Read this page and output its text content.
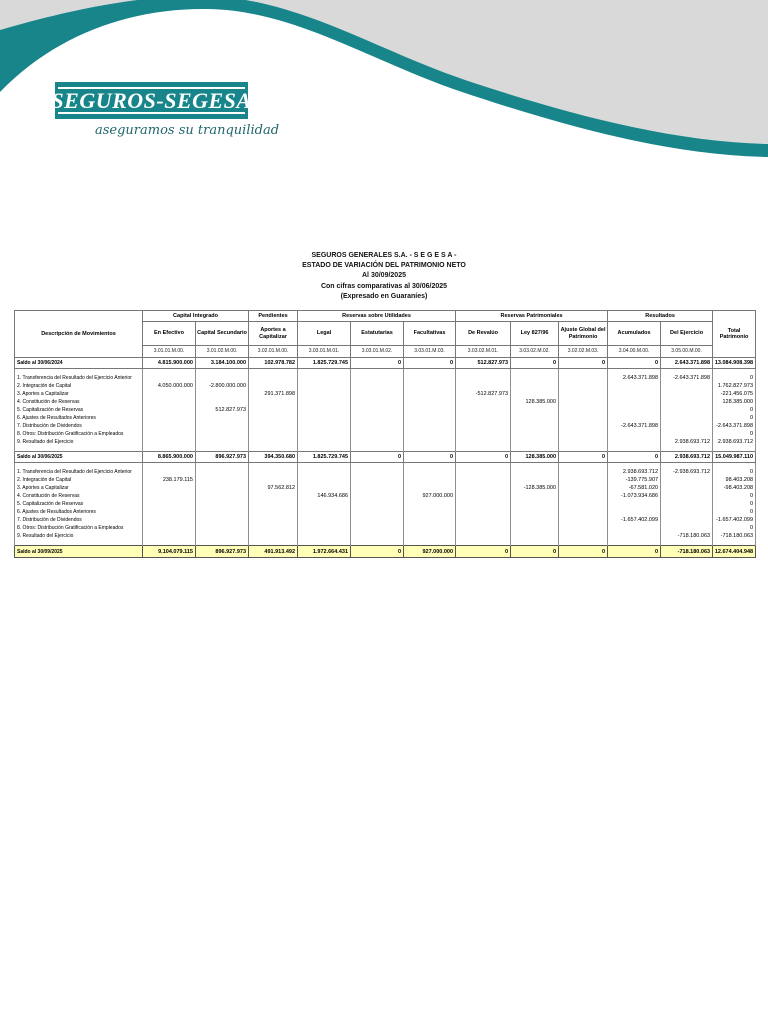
SEGUROS-SEGESA
aseguramos su tranquilidad
SEGUROS GENERALES S.A. - S E G E S A -
ESTADO DE VARIACIÓN DEL PATRIMONIO NETO
Al 30/09/2025
Con cifras comparativas al 30/06/2025
(Expresado en Guaraníes)
Descripción de Movimientos	Capital Integrado		Pendientes	Reservas sobre Utilidades			Reservas Patrimoniales			Resultados		Total Patrimonio
	En Efectivo	Capital Secundario	Aportes a Capitalizar	Legal	Estatutarias	Facultativas	De Revalúo	Ley 827/96	Ajuste Global del Patrimonio	Acumulados	Del Ejercicio	
	3.01.01.M.00.	3.01.02.M.00.	3.02.01.M.00.	3.03.01.M.01.	3.03.01.M.02.	3.03.01.M.03.	3.03.02.M.01.	3.03.02.M.02.	3.02.02.M.03.	3.04.00.M.00.	3.05.00.M.00.	
Saldo al 30/06/2024	4.815.900.000	3.184.100.000	102.978.782	1.825.729.745	0	0	512.827.973	0	0	0	2.643.371.898	13.084.908.398

1. Transferencia del Resultado del Ejercicio Anterior										2.643.371.898	-2.643.371.898	0
2. Integración de Capital	4.050.000.000	-2.800.000.000										1.762.827.973
3. Aportes a Capitalizar			291.371.898				-512.827.973					-221.456.075
4. Constitución de Reservas								128.385.000				128.385.000
5. Capitalización de Reservas		512.827.973										0
6. Ajustes de Resultados Anteriores												0
7. Distribución de Dividendos										-2.643.371.898		-2.643.371.898
8. Otros: Distribución Gratificación a Empleados												0
9. Resultado del Ejercicio											2.938.693.712	2.938.693.712

Saldo al 30/06/2025	8.865.900.000	896.927.973	394.350.680	1.825.729.745	0	0	0	128.385.000	0	0	2.938.693.712	15.049.987.110

1. Transferencia del Resultado del Ejercicio Anterior										2.938.693.712	-2.938.693.712	0
2. Integración de Capital	238.179.115									-139.775.907		98.403.208
3. Aportes a Capitalizar			97.562.812					-128.385.000		-67.581.020		-98.403.208
4. Constitución de Reservas				146.934.686		927.000.000				-1.073.934.686		0
5. Capitalización de Reservas												0
6. Ajustes de Resultados Anteriores												0
7. Distribución de Dividendos										-1.657.402.099		-1.657.402.099
8. Otros: Distribución Gratificación a Empleados												0
9. Resultado del Ejercicio											-718.180.063	-718.180.063

Saldo al 30/09/2025	9.104.079.115	896.927.973	491.913.492	1.972.664.431	0	927.000.000	0	0	0	0	-718.180.063	12.674.404.948
